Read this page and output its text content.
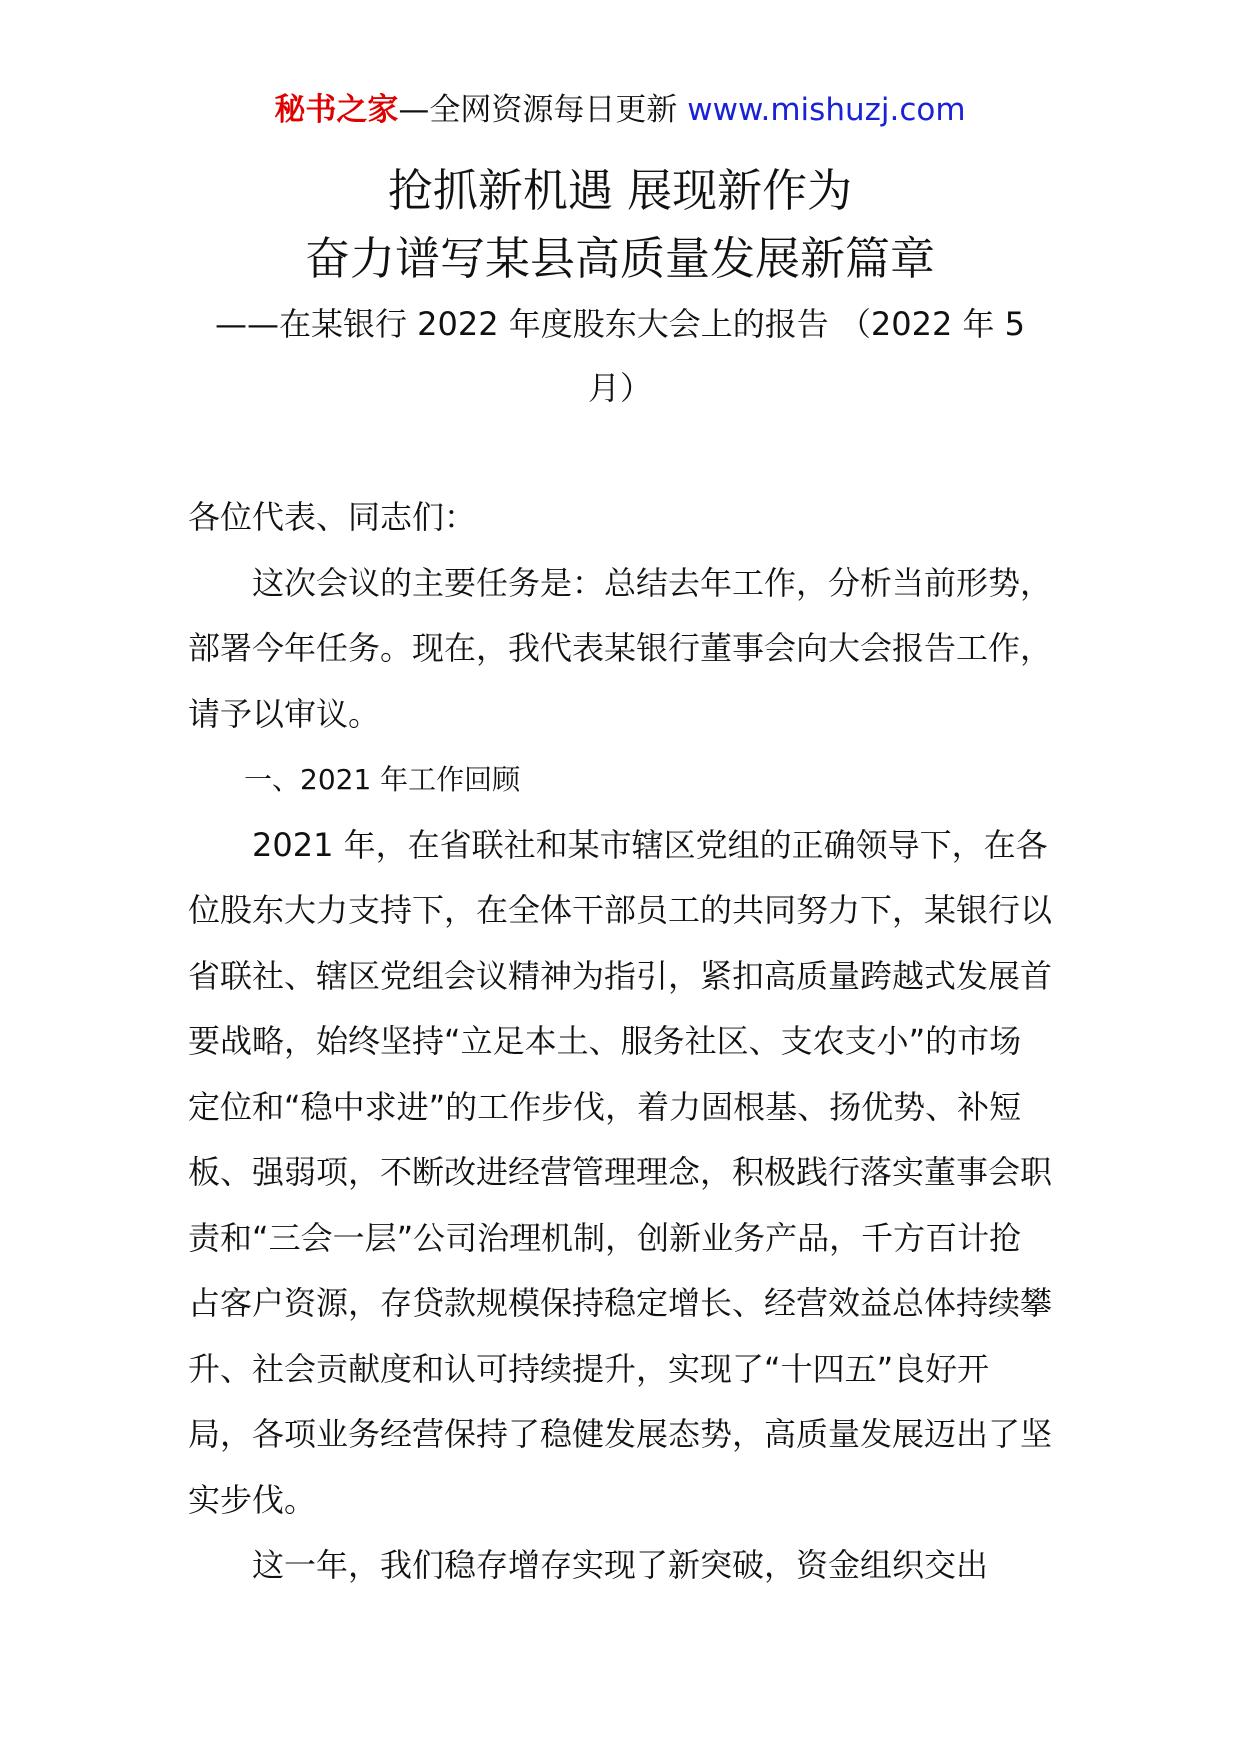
秘书之家—全网资源每日更新 www.mishuzj.com
抢抓新机遇 展现新作为
奋力谱写某县高质量发展新篇章
——在某银行 2022 年度股东大会上的报告 （2022 年 5 月）

各位代表、同志们：

这次会议的主要任务是：总结去年工作，分析当前形势，部署今年任务。现在，我代表某银行董事会向大会报告工作，请予以审议。

一、2021 年工作回顾

2021 年，在省联社和某市辖区党组的正确领导下，在各位股东大力支持下，在全体干部员工的共同努力下，某银行以省联社、辖区党组会议精神为指引，紧扣高质量跨越式发展首要战略，始终坚持“立足本土、服务社区、支农支小”的市场定位和“稳中求进”的工作步伐，着力固根基、扬优势、补短板、强弱项，不断改进经营管理理念，积极践行落实董事会职责和“三会一层”公司治理机制，创新业务产品，千方百计抢占客户资源，存贷款规模保持稳定增长、经营效益总体持续攀升、社会贡献度和认可持续提升，实现了“十四五”良好开局，各项业务经营保持了稳健发展态势，高质量发展迈出了坚实步伐。

这一年，我们稳存增存实现了新突破，资金组织交出
